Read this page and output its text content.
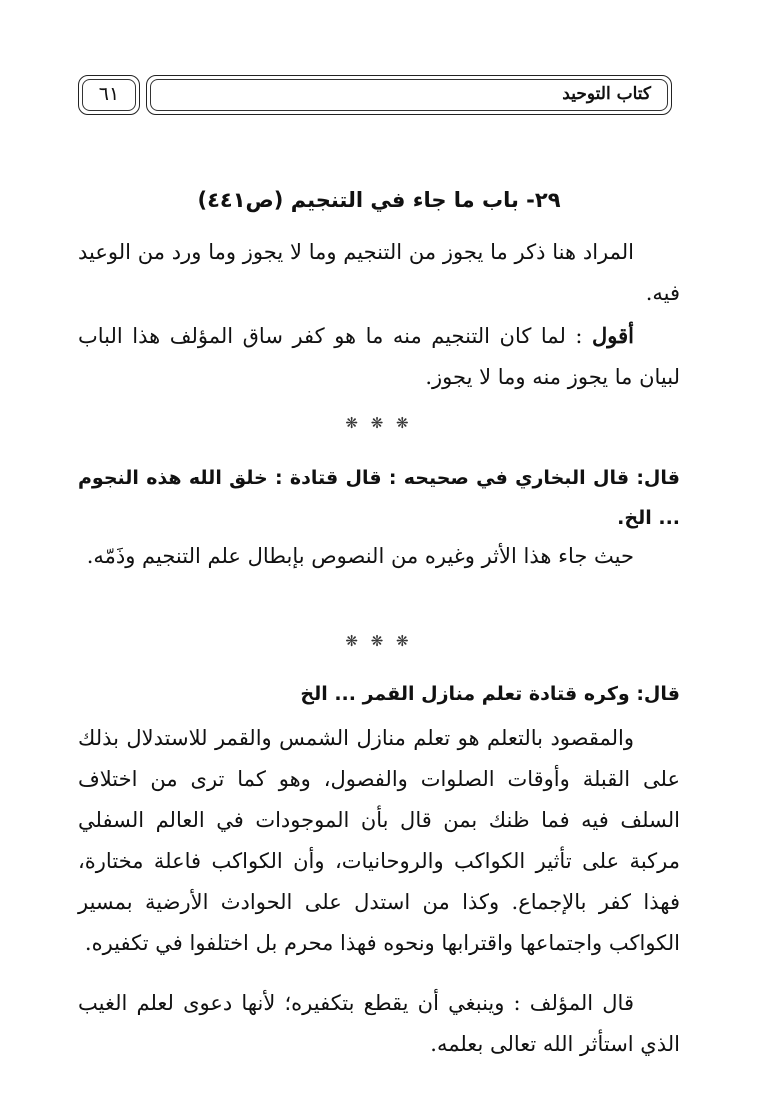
كتاب التوحيد
٦١
٢٩- باب ما جاء في التنجيم (ص٤٤١)
المراد هنا ذكر ما يجوز من التنجيم وما لا يجوز وما ورد من الوعيد فيه.
أقول : لما كان التنجيم منه ما هو كفر ساق المؤلف هذا الباب لبيان ما يجوز منه وما لا يجوز.
❋ ❋ ❋
قال: قال البخاري في صحيحه : قال قتادة : خلق الله هذه النجوم ... الخ.
حيث جاء هذا الأثر وغيره من النصوص بإبطال علم التنجيم وذَمّه.
❋ ❋ ❋
قال: وكره قتادة تعلم منازل القمر ... الخ
والمقصود بالتعلم هو تعلم منازل الشمس والقمر للاستدلال بذلك على القبلة وأوقات الصلوات والفصول، وهو كما ترى من اختلاف السلف فيه فما ظنك بمن قال بأن الموجودات في العالم السفلي مركبة على تأثير الكواكب والروحانيات، وأن الكواكب فاعلة مختارة، فهذا كفر بالإجماع. وكذا من استدل على الحوادث الأرضية بمسير الكواكب واجتماعها واقترابها ونحوه فهذا محرم بل اختلفوا في تكفيره.
قال المؤلف : وينبغي أن يقطع بتكفيره؛ لأنها دعوى لعلم الغيب الذي استأثر الله تعالى بعلمه.
